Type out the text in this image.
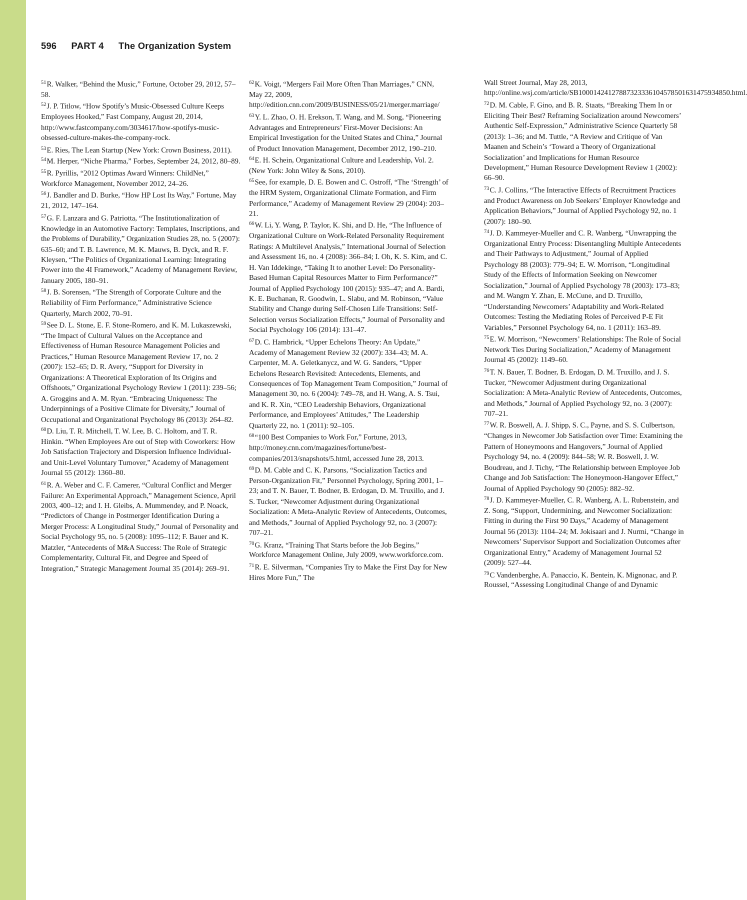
596 PART 4 The Organization System

$^{51}$R. Walker, “Behind the Music,” Fortune, October 29, 2012, 57–58.

$^{52}$J. P. Titlow, “How Spotify’s Music-Obsessed Culture Keeps Employees Hooked,” Fast Company, August 20, 2014, http://www.fastcompany.com/3034617/how-spotifys-music-obsessed-culture-makes-the-company-rock.

$^{53}$E. Ries, The Lean Startup (New York: Crown Business, 2011).

$^{54}$M. Herper, “Niche Pharma,” Forbes, September 24, 2012, 80–89.

$^{55}$R. Pyrillis, “2012 Optimas Award Winners: ChildNet,” Workforce Management, November 2012, 24–26.

$^{56}$J. Bandler and D. Burke, “How HP Lost Its Way,” Fortune, May 21, 2012, 147–164.

$^{57}$G. F. Lanzara and G. Patriotta, “The Institutionalization of Knowledge in an Automotive Factory: Templates, Inscriptions, and the Problems of Durability,” Organization Studies 28, no. 5 (2007): 635–60; and T. B. Lawrence, M. K. Mauws, B. Dyck, and R. F. Kleysen, “The Politics of Organizational Learning: Integrating Power into the 4I Framework,” Academy of Management Review, January 2005, 180–91.

$^{58}$J. B. Sorensen, “The Strength of Corporate Culture and the Reliability of Firm Performance,” Administrative Science Quarterly, March 2002, 70–91.

$^{59}$See D. L. Stone, E. F. Stone-Romero, and K. M. Lukaszewski, “The Impact of Cultural Values on the Acceptance and Effectiveness of Human Resource Management Policies and Practices,” Human Resource Management Review 17, no. 2 (2007): 152–65; D. R. Avery, “Support for Diversity in Organizations: A Theoretical Exploration of Its Origins and Offshoots,” Organizational Psychology Review 1 (2011): 239–56; A. Groggins and A. M. Ryan. “Embracing Uniqueness: The Underpinnings of a Positive Climate for Diversity,” Journal of Occupational and Organizational Psychology 86 (2013): 264–82.

$^{60}$D. Liu, T. R. Mitchell, T. W. Lee, B. C. Holtom, and T. R. Hinkin. “When Employees Are out of Step with Coworkers: How Job Satisfaction Trajectory and Dispersion Influence Individual-and Unit-Level Voluntary Turnover,” Academy of Management Journal 55 (2012): 1360–80.

$^{61}$R. A. Weber and C. F. Camerer, “Cultural Conflict and Merger Failure: An Experimental Approach,” Management Science, April 2003, 400–12; and I. H. Gleibs, A. Mummendey, and P. Noack, “Predictors of Change in Postmerger Identification During a Merger Process: A Longitudinal Study,” Journal of Personality and Social Psychology 95, no. 5 (2008): 1095–112; F. Bauer and K. Matzler, “Antecedents of M&A Success: The Role of Strategic Complementarity, Cultural Fit, and Degree and Speed of Integration,” Strategic Management Journal 35 (2014): 269–91.

$^{62}$K. Voigt, “Mergers Fail More Often Than Marriages,” CNN, May 22, 2009, http://edition.cnn.com/2009/BUSINESS/05/21/merger.marriage/

$^{63}$Y. L. Zhao, O. H. Erekson, T. Wang, and M. Song, “Pioneering Advantages and Entrepreneurs’ First-Mover Decisions: An Empirical Investigation for the United States and China,” Journal of Product Innovation Management, December 2012, 190–210.

$^{64}$E. H. Schein, Organizational Culture and Leadership, Vol. 2. (New York: John Wiley & Sons, 2010).

$^{65}$See, for example, D. E. Bowen and C. Ostroff, “The ‘Strength’ of the HRM System, Organizational Climate Formation, and Firm Performance,” Academy of Management Review 29 (2004): 203–21.

$^{66}$W. Li, Y. Wang, P. Taylor, K. Shi, and D. He, “The Influence of Organizational Culture on Work-Related Personality Requirement Ratings: A Multilevel Analysis,” International Journal of Selection and Assessment 16, no. 4 (2008): 366–84; I. Oh, K. S. Kim, and C. H. Van Iddekinge, “Taking It to another Level: Do Personality-Based Human Capital Resources Matter to Firm Performance?” Journal of Applied Psychology 100 (2015): 935–47; and A. Bardi, K. E. Buchanan, R. Goodwin, L. Slabu, and M. Robinson, “Value Stability and Change during Self-Chosen Life Transitions: Self-Selection versus Socialization Effects,” Journal of Personality and Social Psychology 106 (2014): 131–47.

$^{67}$D. C. Hambrick, “Upper Echelons Theory: An Update,” Academy of Management Review 32 (2007): 334–43; M. A. Carpenter, M. A. Geletkanycz, and W. G. Sanders, “Upper Echelons Research Revisited: Antecedents, Elements, and Consequences of Top Management Team Composition,” Journal of Management 30, no. 6 (2004): 749–78, and H. Wang, A. S. Tsui, and K. R. Xin, “CEO Leadership Behaviors, Organizational Performance, and Employees’ Attitudes,” The Leadership Quarterly 22, no. 1 (2011): 92–105.

$^{68}$“100 Best Companies to Work For,” Fortune, 2013, http://money.cnn.com/magazines/fortune/best-companies/2013/snapshots/5.html, accessed June 28, 2013.

$^{69}$D. M. Cable and C. K. Parsons, “Socialization Tactics and Person-Organization Fit,” Personnel Psychology, Spring 2001, 1–23; and T. N. Bauer, T. Bodner, B. Erdogan, D. M. Truxillo, and J. S. Tucker, “Newcomer Adjustment during Organizational Socialization: A Meta-Analytic Review of Antecedents, Outcomes, and Methods,” Journal of Applied Psychology 92, no. 3 (2007): 707–21.

$^{70}$G. Kranz, “Training That Starts before the Job Begins,” Workforce Management Online, July 2009, www.workforce.com.

$^{71}$R. E. Silverman, “Companies Try to Make the First Day for New Hires More Fun,” The

Wall Street Journal, May 28, 2013, http://online.wsj.com/article/SB10001424127887323336104578501631475934850.html.

$^{72}$D. M. Cable, F. Gino, and B. R. Staats, “Breaking Them In or Eliciting Their Best? Reframing Socialization around Newcomers’ Authentic Self-Expression,” Administrative Science Quarterly 58 (2013): 1–36; and M. Tuttle, “A Review and Critique of Van Maanen and Schein’s ‘Toward a Theory of Organizational Socialization’ and Implications for Human Resource Development,” Human Resource Development Review 1 (2002): 66–90.

$^{73}$C. J. Collins, “The Interactive Effects of Recruitment Practices and Product Awareness on Job Seekers’ Employer Knowledge and Application Behaviors,” Journal of Applied Psychology 92, no. 1 (2007): 180–90.

$^{74}$J. D. Kammeyer-Mueller and C. R. Wanberg, “Unwrapping the Organizational Entry Process: Disentangling Multiple Antecedents and Their Pathways to Adjustment,” Journal of Applied Psychology 88 (2003): 779–94; E. W. Morrison, “Longitudinal Study of the Effects of Information Seeking on Newcomer Socialization,” Journal of Applied Psychology 78 (2003): 173–83; and M. Wangm Y. Zhan, E. McCune, and D. Truxillo, “Understanding Newcomers’ Adaptability and Work-Related Outcomes: Testing the Mediating Roles of Perceived P-E Fit Variables,” Personnel Psychology 64, no. 1 (2011): 163–89.

$^{75}$E. W. Morrison, “Newcomers’ Relationships: The Role of Social Network Ties During Socialization,” Academy of Management Journal 45 (2002): 1149–60.

$^{76}$T. N. Bauer, T. Bodner, B. Erdogan, D. M. Truxillo, and J. S. Tucker, “Newcomer Adjustment during Organizational Socialization: A Meta-Analytic Review of Antecedents, Outcomes, and Methods,” Journal of Applied Psychology 92, no. 3 (2007): 707–21.

$^{77}$W. R. Boswell, A. J. Shipp, S. C., Payne, and S. S. Culbertson, “Changes in Newcomer Job Satisfaction over Time: Examining the Pattern of Honeymoons and Hangovers,” Journal of Applied Psychology 94, no. 4 (2009): 844–58; W. R. Boswell, J. W. Boudreau, and J. Tichy, “The Relationship between Employee Job Change and Job Satisfaction: The Honeymoon-Hangover Effect,” Journal of Applied Psychology 90 (2005): 882–92.

$^{78}$J. D. Kammeyer-Mueller, C. R. Wanberg, A. L. Rubenstein, and Z. Song, “Support, Undermining, and Newcomer Socialization: Fitting in during the First 90 Days,” Academy of Management Journal 56 (2013): 1104–24; M. Jokisaari and J. Nurmi, “Change in Newcomers’ Supervisor Support and Socialization Outcomes after Organizational Entry,” Academy of Management Journal 52 (2009): 527–44.

$^{79}$C Vandenberghe, A. Panaccio, K. Bentein, K. Mignonac, and P. Roussel, “Assessing Longitudinal Change of and Dynamic
